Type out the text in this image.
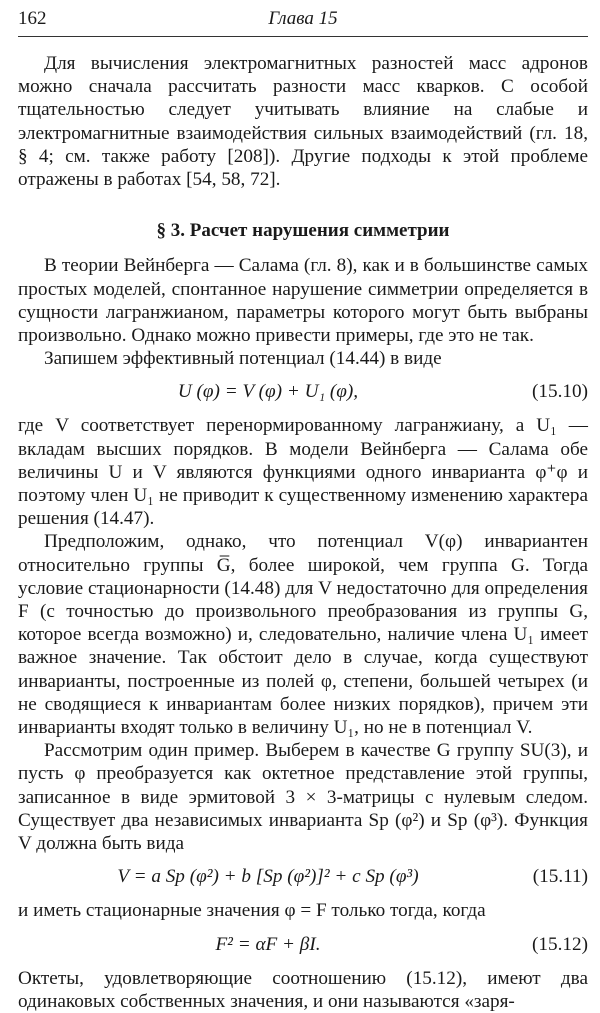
162	Глава 15

Для вычисления электромагнитных разностей масс адронов можно сначала рассчитать разности масс кварков. С особой тщательностью следует учитывать влияние на слабые и электромагнитные взаимодействия сильных взаимодействий (гл. 18, § 4; см. также работу [208]). Другие подходы к этой проблеме отражены в работах [54, 58, 72].

§ 3. Расчет нарушения симметрии

В теории Вейнберга — Салама (гл. 8), как и в большинстве самых простых моделей, спонтанное нарушение симметрии определяется в сущности лагранжианом, параметры которого могут быть выбраны произвольно. Однако можно привести примеры, где это не так.

Запишем эффективный потенциал (14.44) в виде

U (φ) = V (φ) + U₁ (φ),	(15.10)

где V соответствует перенормированному лагранжиану, а U₁ — вкладам высших порядков. В модели Вейнберга — Салама обе величины U и V являются функциями одного инварианта φ⁺φ и поэтому член U₁ не приводит к существенному изменению характера решения (14.47).

Предположим, однако, что потенциал V(φ) инвариантен относительно группы G̅, более широкой, чем группа G. Тогда условие стационарности (14.48) для V недостаточно для определения F (с точностью до произвольного преобразования из группы G, которое всегда возможно) и, следовательно, наличие члена U₁ имеет важное значение. Так обстоит дело в случае, когда существуют инварианты, построенные из полей φ, степени, большей четырех (и не сводящиеся к инвариантам более низких порядков), причем эти инварианты входят только в величину U₁, но не в потенциал V.

Рассмотрим один пример. Выберем в качестве G группу SU(3), и пусть φ преобразуется как октетное представление этой группы, записанное в виде эрмитовой 3 × 3-матрицы с нулевым следом. Существует два независимых инварианта Sp (φ²) и Sp (φ³). Функция V должна быть вида

V = a Sp (φ²) + b [Sp (φ²)]² + c Sp (φ³)	(15.11)

и иметь стационарные значения φ = F только тогда, когда

F² = αF + βI.	(15.12)

Октеты, удовлетворяющие соотношению (15.12), имеют два одинаковых собственных значения, и они называются «заря-
